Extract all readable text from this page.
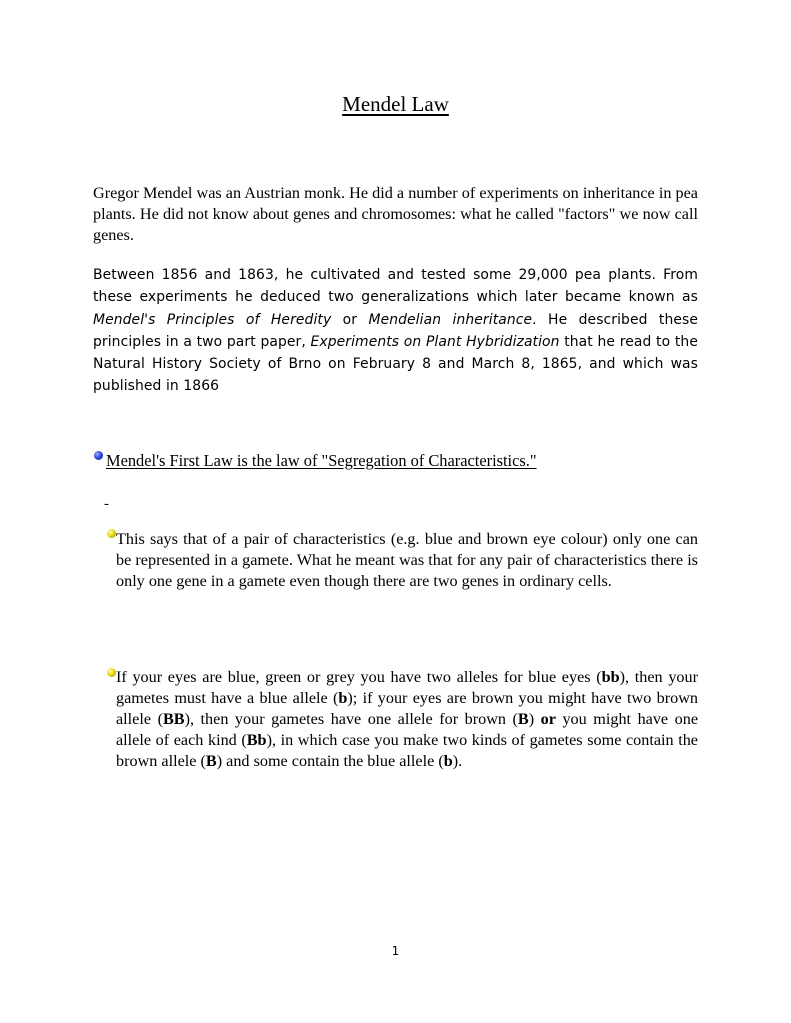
Mendel Law

Gregor Mendel was an Austrian monk. He did a number of experiments on inheritance in pea plants. He did not know about genes and chromosomes: what he called "factors" we now call genes.

Between 1856 and 1863, he cultivated and tested some 29,000 pea plants. From these experiments he deduced two generalizations which later became known as Mendel's Principles of Heredity or Mendelian inheritance. He described these principles in a two part paper, Experiments on Plant Hybridization that he read to the Natural History Society of Brno on February 8 and March 8, 1865, and which was published in 1866

Mendel's First Law is the law of "Segregation of Characteristics."
-

This says that of a pair of characteristics (e.g. blue and brown eye colour) only one can be represented in a gamete. What he meant was that for any pair of characteristics there is only one gene in a gamete even though there are two genes in ordinary cells.

If your eyes are blue, green or grey you have two alleles for blue eyes (bb), then your gametes must have a blue allele (b); if your eyes are brown you might have two brown allele (BB), then your gametes have one allele for brown (B) or you might have one allele of each kind (Bb), in which case you make two kinds of gametes some contain the brown allele (B) and some contain the blue allele (b).

1
